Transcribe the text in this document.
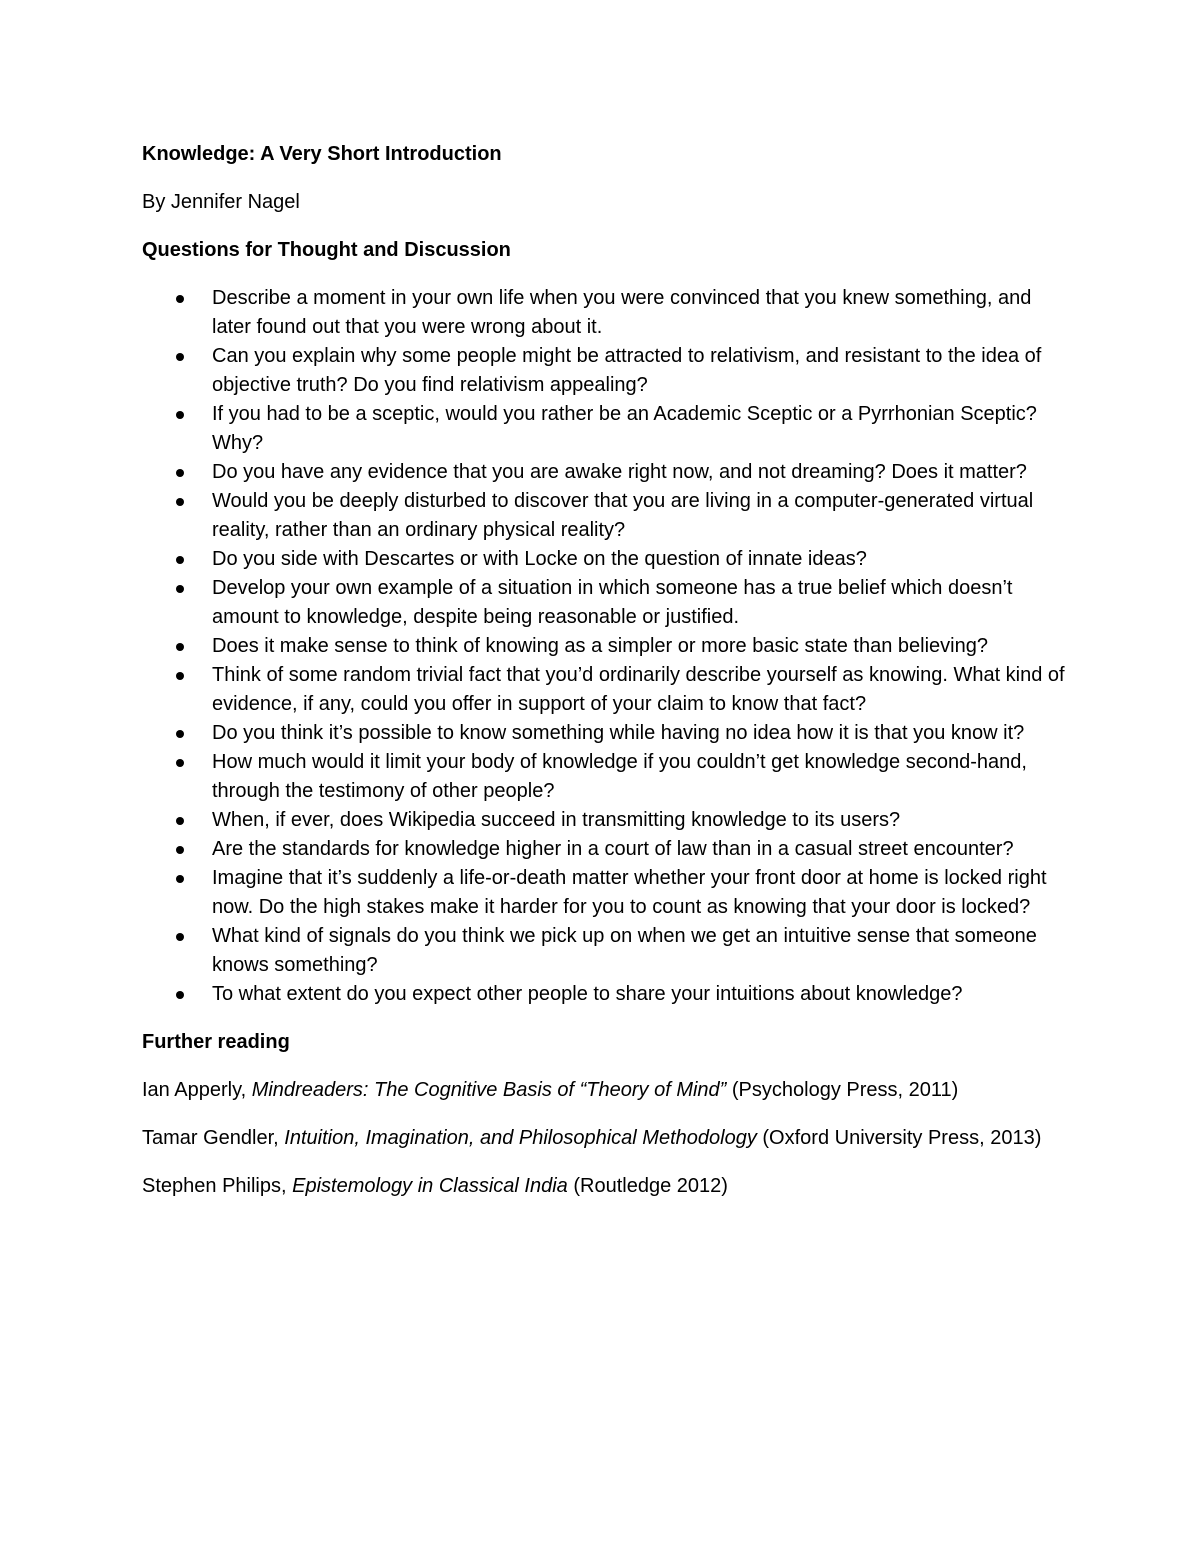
Knowledge: A Very Short Introduction

By Jennifer Nagel

Questions for Thought and Discussion

Describe a moment in your own life when you were convinced that you knew something, and later found out that you were wrong about it.
Can you explain why some people might be attracted to relativism, and resistant to the idea of objective truth? Do you find relativism appealing?
If you had to be a sceptic, would you rather be an Academic Sceptic or a Pyrrhonian Sceptic? Why?
Do you have any evidence that you are awake right now, and not dreaming? Does it matter?
Would you be deeply disturbed to discover that you are living in a computer-generated virtual reality, rather than an ordinary physical reality?
Do you side with Descartes or with Locke on the question of innate ideas?
Develop your own example of a situation in which someone has a true belief which doesn’t amount to knowledge, despite being reasonable or justified.
Does it make sense to think of knowing as a simpler or more basic state than believing?
Think of some random trivial fact that you’d ordinarily describe yourself as knowing. What kind of evidence, if any, could you offer in support of your claim to know that fact?
Do you think it’s possible to know something while having no idea how it is that you know it?
How much would it limit your body of knowledge if you couldn’t get knowledge second-hand, through the testimony of other people?
When, if ever, does Wikipedia succeed in transmitting knowledge to its users?
Are the standards for knowledge higher in a court of law than in a casual street encounter?
Imagine that it’s suddenly a life-or-death matter whether your front door at home is locked right now. Do the high stakes make it harder for you to count as knowing that your door is locked?
What kind of signals do you think we pick up on when we get an intuitive sense that someone knows something?
To what extent do you expect other people to share your intuitions about knowledge?

Further reading

Ian Apperly, Mindreaders: The Cognitive Basis of “Theory of Mind” (Psychology Press, 2011)

Tamar Gendler, Intuition, Imagination, and Philosophical Methodology (Oxford University Press, 2013)

Stephen Philips, Epistemology in Classical India (Routledge 2012)
